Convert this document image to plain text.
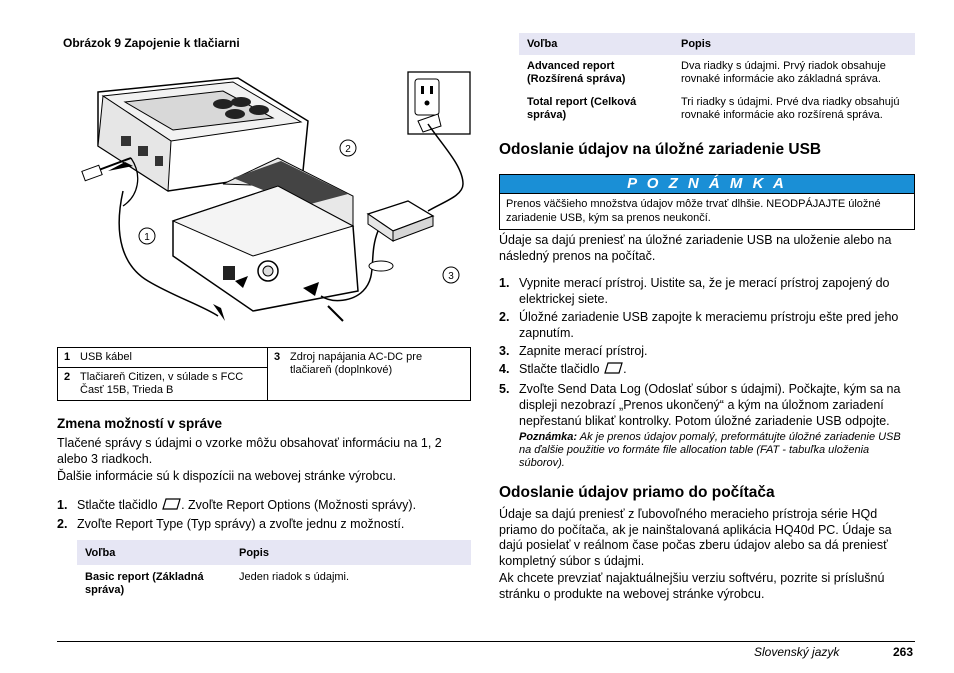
Obrázok 9 Zapojenie k tlačiarni
1
2
3
1 USB kábel	3 Zdroj napájania AC-DC pre tlačiareň (doplnkové)
2 Tlačiareň Citizen, v súlade s FCC Časť 15B, Trieda B
Zmena možností v správe
Tlačené správy s údajmi o vzorke môžu obsahovať informáciu na 1, 2 alebo 3 riadkoch.
Ďalšie informácie sú k dispozícii na webovej stránke výrobcu.
1. Stlačte tlačidlo . Zvoľte Report Options (Možnosti správy).
2. Zvoľte Report Type (Typ správy) a zvoľte jednu z možností.
Voľba	Popis
Basic report (Základná správa)	Jeden riadok s údajmi.
Voľba	Popis
Advanced report (Rozšírená správa)	Dva riadky s údajmi. Prvý riadok obsahuje rovnaké informácie ako základná správa.
Total report (Celková správa)	Tri riadky s údajmi. Prvé dva riadky obsahujú rovnaké informácie ako rozšírená správa.
Odoslanie údajov na úložné zariadenie USB
P O Z N Á M K A
Prenos väčšieho množstva údajov môže trvať dlhšie. NEODPÁJAJTE úložné zariadenie USB, kým sa prenos neukončí.
Údaje sa dajú preniesť na úložné zariadenie USB na uloženie alebo na následný prenos na počítač.
1. Vypnite merací prístroj. Uistite sa, že je merací prístroj zapojený do elektrickej siete.
2. Úložné zariadenie USB zapojte k meraciemu prístroju ešte pred jeho zapnutím.
3. Zapnite merací prístroj.
4. Stlačte tlačidlo .
5. Zvoľte Send Data Log (Odoslať súbor s údajmi). Počkajte, kým sa na displeji nezobrazí „Prenos ukončený“ a kým na úložnom zariadení nepřestanú blikať kontrolky. Potom úložné zariadenie USB odpojte.
Poznámka: Ak je prenos údajov pomalý, preformátujte úložné zariadenie USB na ďalšie použitie vo formáte file allocation table (FAT - tabuľka uloženia súborov).
Odoslanie údajov priamo do počítača
Údaje sa dajú preniesť z ľubovoľného meracieho prístroja série HQd priamo do počítača, ak je nainštalovaná aplikácia HQ40d PC. Údaje sa dajú posielať v reálnom čase počas zberu údajov alebo sa dá preniesť kompletný súbor s údajmi.
Ak chcete prevziať najaktuálnejšiu verziu softvéru, pozrite si príslušnú stránku o produkte na webovej stránke výrobcu.
Slovenský jazyk	263
